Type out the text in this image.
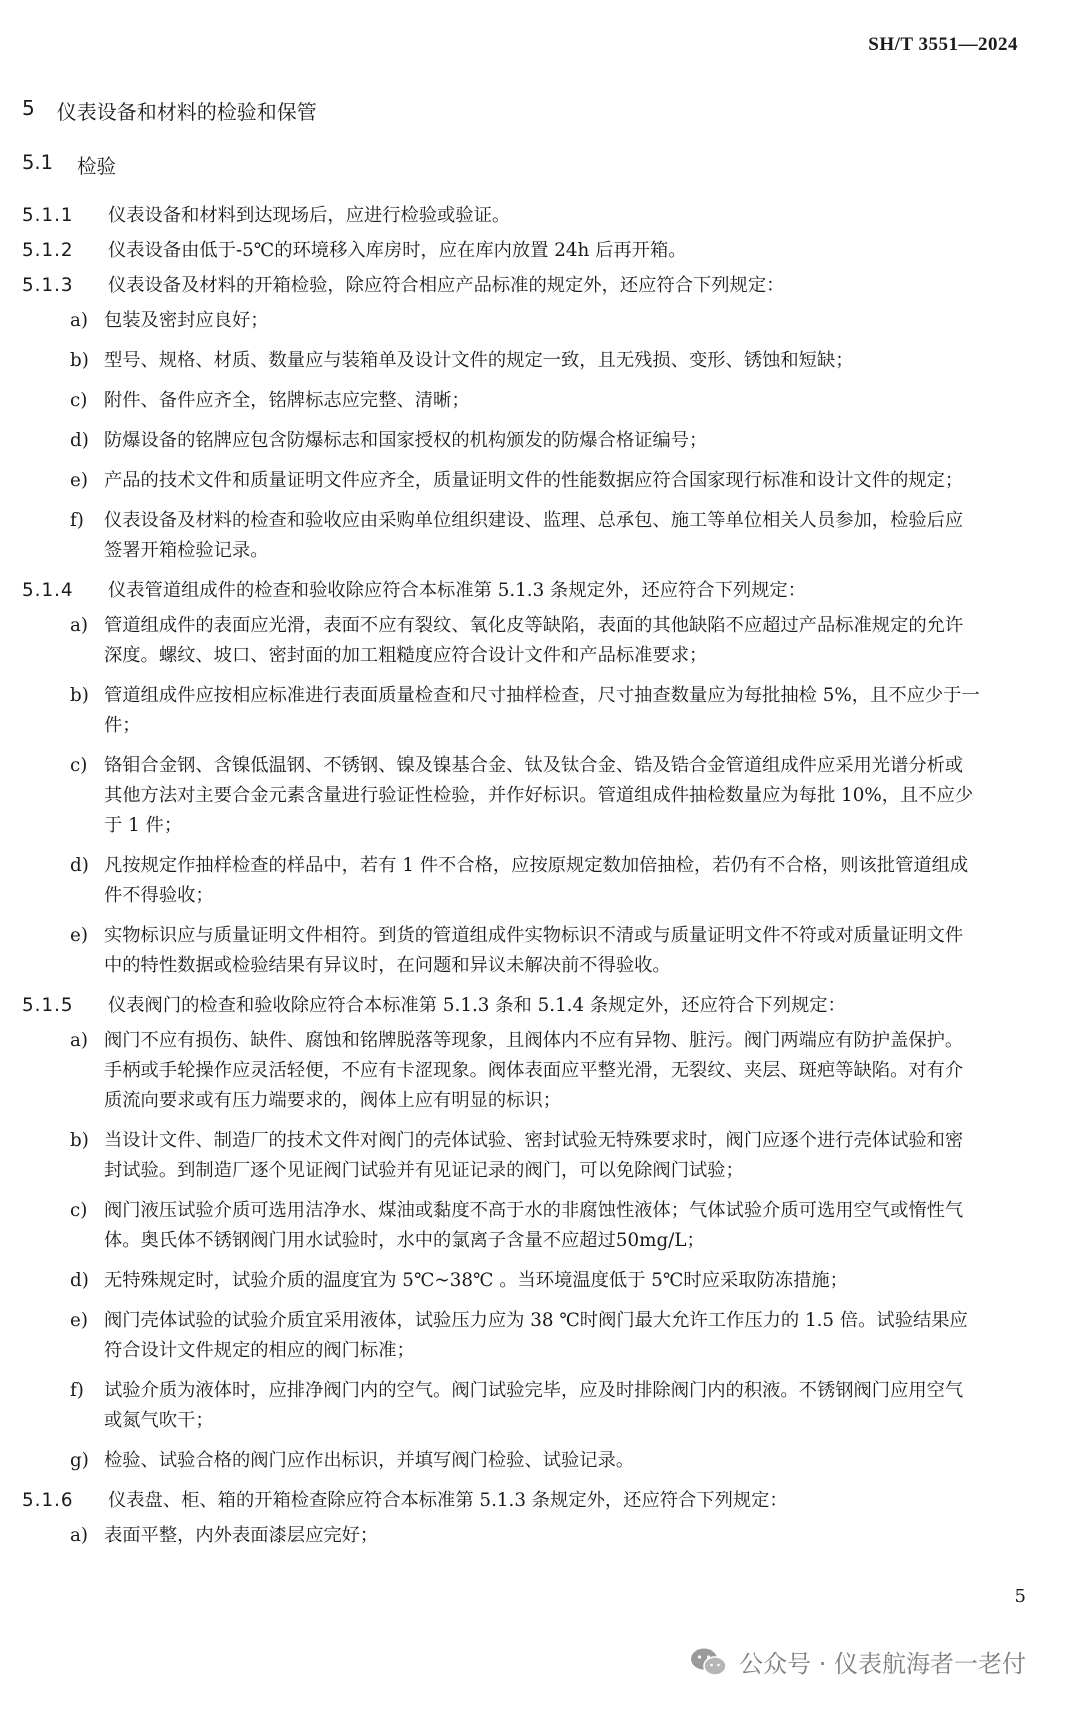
SH/T 3551—2024
5 仪表设备和材料的检验和保管
5.1 检验
5.1.1	仪表设备和材料到达现场后，应进行检验或验证。
5.1.2	仪表设备由低于-5℃的环境移入库房时，应在库内放置 24h 后再开箱。
5.1.3	仪表设备及材料的开箱检验，除应符合相应产品标准的规定外，还应符合下列规定：
a) 包装及密封应良好；
b) 型号、规格、材质、数量应与装箱单及设计文件的规定一致，且无残损、变形、锈蚀和短缺；
c) 附件、备件应齐全，铭牌标志应完整、清晰；
d) 防爆设备的铭牌应包含防爆标志和国家授权的机构颁发的防爆合格证编号；
e) 产品的技术文件和质量证明文件应齐全，质量证明文件的性能数据应符合国家现行标准和设计文件的规定；
f)	仪表设备及材料的检查和验收应由采购单位组织建设、监理、总承包、施工等单位相关人员参加，检验后应签署开箱检验记录。
5.1.4	仪表管道组成件的检查和验收除应符合本标准第 5.1.3 条规定外，还应符合下列规定：
a) 管道组成件的表面应光滑，表面不应有裂纹、氧化皮等缺陷，表面的其他缺陷不应超过产品标准规定的允许深度。螺纹、坡口、密封面的加工粗糙度应符合设计文件和产品标准要求；
b) 管道组成件应按相应标准进行表面质量检查和尺寸抽样检查，尺寸抽查数量应为每批抽检 5%，且不应少于一件；
c) 铬钼合金钢、含镍低温钢、不锈钢、镍及镍基合金、钛及钛合金、锆及锆合金管道组成件应采用光谱分析或其他方法对主要合金元素含量进行验证性检验，并作好标识。管道组成件抽检数量应为每批 10%，且不应少于 1 件；
d) 凡按规定作抽样检查的样品中，若有 1 件不合格，应按原规定数加倍抽检，若仍有不合格，则该批管道组成件不得验收；
e) 实物标识应与质量证明文件相符。到货的管道组成件实物标识不清或与质量证明文件不符或对质量证明文件中的特性数据或检验结果有异议时，在问题和异议未解决前不得验收。
5.1.5	仪表阀门的检查和验收除应符合本标准第 5.1.3 条和 5.1.4 条规定外，还应符合下列规定：
a) 阀门不应有损伤、缺件、腐蚀和铭牌脱落等现象，且阀体内不应有异物、脏污。阀门两端应有防护盖保护。手柄或手轮操作应灵活轻便，不应有卡涩现象。阀体表面应平整光滑，无裂纹、夹层、斑疤等缺陷。对有介质流向要求或有压力端要求的，阀体上应有明显的标识；
b) 当设计文件、制造厂的技术文件对阀门的壳体试验、密封试验无特殊要求时，阀门应逐个进行壳体试验和密封试验。到制造厂逐个见证阀门试验并有见证记录的阀门，可以免除阀门试验；
c) 阀门液压试验介质可选用洁净水、煤油或黏度不高于水的非腐蚀性液体；气体试验介质可选用空气或惰性气体。奥氏体不锈钢阀门用水试验时，水中的氯离子含量不应超过50mg/L；
d) 无特殊规定时，试验介质的温度宜为 5℃~38℃ 。当环境温度低于 5℃时应采取防冻措施；
e) 阀门壳体试验的试验介质宜采用液体，试验压力应为 38 ℃时阀门最大允许工作压力的 1.5 倍。试验结果应符合设计文件规定的相应的阀门标准；
f)	试验介质为液体时，应排净阀门内的空气。阀门试验完毕，应及时排除阀门内的积液。不锈钢阀门应用空气或氮气吹干；
g) 检验、试验合格的阀门应作出标识，并填写阀门检验、试验记录。
5.1.6	仪表盘、柜、箱的开箱检查除应符合本标准第 5.1.3 条规定外，还应符合下列规定：
a) 表面平整，内外表面漆层应完好；
5
公众号 · 仪表航海者一老付
